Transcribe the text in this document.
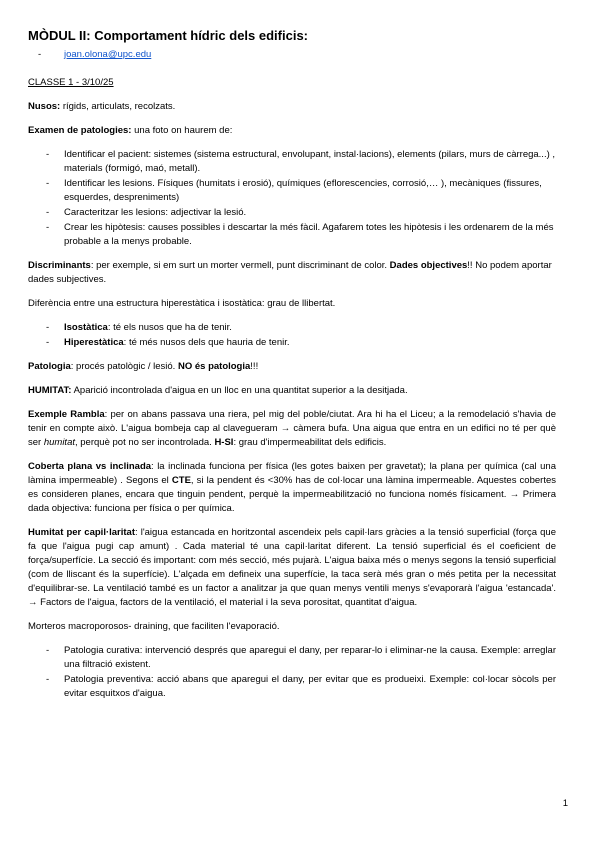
MÒDUL II: Comportament hídric dels edificis:
-	joan.olona@upc.edu

CLASSE 1 - 3/10/25

Nusos: rígids, articulats, recolzats.

Examen de patologies: una foto on haurem de:

-	Identificar el pacient: sistemes (sistema estructural, envolupant, instal·lacions), elements (pilars, murs de càrrega...) , materials (formigó, maó, metall).
-	Identificar les lesions. Físiques (humitats i erosió), químiques (eflorescencies, corrosió,… ), mecàniques (fissures, esquerdes, despreniments)
-	Caracteritzar les lesions: adjectivar la lesió.
-	Crear les hipòtesis: causes possibles i descartar la més fàcil. Agafarem totes les hipòtesis i les ordenarem de la més probable a la menys probable.

Discriminants: per exemple, si em surt un morter vermell, punt discriminant de color. Dades objectives!! No podem aportar dades subjectives.

Diferència entre una estructura hiperestàtica i isostàtica: grau de llibertat.

-	Isostàtica: té els nusos que ha de tenir.
-	Hiperestàtica: té més nusos dels que hauria de tenir.

Patologia: procés patològic / lesió. NO és patologia!!!

HUMITAT: Aparició incontrolada d'aigua en un lloc en una quantitat superior a la desitjada.

Exemple Rambla: per on abans passava una riera, pel mig del poble/ciutat. Ara hi ha el Liceu; a la remodelació s'havia de tenir en compte això. L'aigua bombeja cap al clavegueram → càmera bufa. Una aigua que entra en un edifici no té per què ser humitat, perquè pot no ser incontrolada. H-SI: grau d'impermeabilitat dels edificis.

Coberta plana vs inclinada: la inclinada funciona per física (les gotes baixen per gravetat); la plana per química (cal una làmina impermeable) . Segons el CTE, si la pendent és <30% has de col·locar una làmina impermeable. Aquestes cobertes es consideren planes, encara que tinguin pendent, perquè la impermeabilització no funciona només físicament. → Primera dada objectiva: funciona per física o per química.

Humitat per capil·laritat: l'aigua estancada en horitzontal ascendeix pels capil·lars gràcies a la tensió superficial (força que fa que l'aigua pugi cap amunt) . Cada material té una capil·laritat diferent. La tensió superficial és el coeficient de força/superfície. La secció és important: com més secció, més pujarà. L'aigua baixa més o menys segons la tensió superficial (com de lliscant és la superfície). L'alçada em defineix una superfície, la taca serà més gran o més petita per la necessitat d'equilibrar-se. La ventilació també es un factor a analitzar ja que quan menys ventili menys s'evaporarà l'aigua 'estancada'. → Factors de l'aigua, factors de la ventilació, el material i la seva porositat, quantitat d'aigua.

Morteros macroporosos- draining, que faciliten l'evaporació.

-	Patologia curativa: intervenció després que aparegui el dany, per reparar-lo i eliminar-ne la causa. Exemple: arreglar una filtració existent.
-	Patologia preventiva: acció abans que aparegui el dany, per evitar que es produeixi. Exemple: col·locar sòcols per evitar esquitxos d'aigua.
1
